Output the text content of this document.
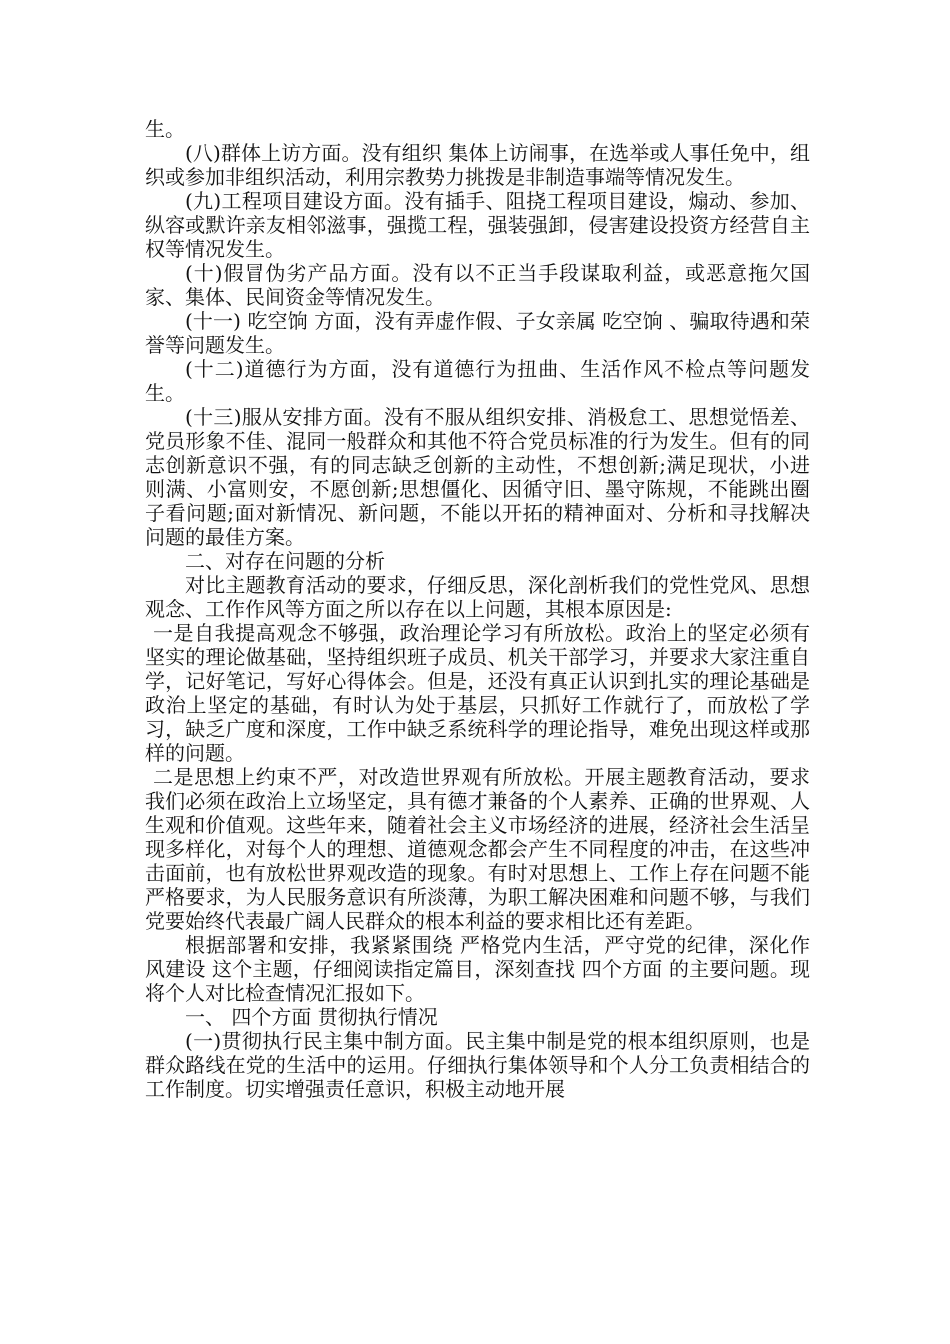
生。

(八)群体上访方面。没有组织 集体上访闹事，在选举或人事任免中，组织或参加非组织活动，利用宗教势力挑拨是非制造事端等情况发生。

(九)工程项目建设方面。没有插手、阻挠工程项目建设，煽动、参加、纵容或默许亲友相邻滋事，强揽工程，强装强卸，侵害建设投资方经营自主权等情况发生。

(十)假冒伪劣产品方面。没有以不正当手段谋取利益，或恶意拖欠国家、集体、民间资金等情况发生。

(十一) 吃空饷 方面，没有弄虚作假、子女亲属 吃空饷 、骗取待遇和荣誉等问题发生。

(十二)道德行为方面，没有道德行为扭曲、生活作风不检点等问题发生。

(十三)服从安排方面。没有不服从组织安排、消极怠工、思想觉悟差、党员形象不佳、混同一般群众和其他不符合党员标准的行为发生。但有的同志创新意识不强，有的同志缺乏创新的主动性，不想创新;满足现状，小进则满、小富则安，不愿创新;思想僵化、因循守旧、墨守陈规，不能跳出圈子看问题;面对新情况、新问题，不能以开拓的精神面对、分析和寻找解决问题的最佳方案。

二、对存在问题的分析

对比主题教育活动的要求，仔细反思，深化剖析我们的党性党风、思想观念、工作作风等方面之所以存在以上问题，其根本原因是:

一是自我提高观念不够强，政治理论学习有所放松。政治上的坚定必须有坚实的理论做基础，坚持组织班子成员、机关干部学习，并要求大家注重自学，记好笔记，写好心得体会。但是，还没有真正认识到扎实的理论基础是政治上坚定的基础，有时认为处于基层，只抓好工作就行了，而放松了学习，缺乏广度和深度，工作中缺乏系统科学的理论指导，难免出现这样或那样的问题。

二是思想上约束不严，对改造世界观有所放松。开展主题教育活动，要求我们必须在政治上立场坚定，具有德才兼备的个人素养、正确的世界观、人生观和价值观。这些年来，随着社会主义市场经济的进展，经济社会生活呈现多样化，对每个人的理想、道德观念都会产生不同程度的冲击，在这些冲击面前，也有放松世界观改造的现象。有时对思想上、工作上存在问题不能严格要求，为人民服务意识有所淡薄，为职工解决困难和问题不够，与我们党要始终代表最广阔人民群众的根本利益的要求相比还有差距。

根据部署和安排，我紧紧围绕 严格党内生活，严守党的纪律，深化作风建设 这个主题，仔细阅读指定篇目，深刻查找 四个方面 的主要问题。现将个人对比检查情况汇报如下。

一、 四个方面 贯彻执行情况

(一)贯彻执行民主集中制方面。民主集中制是党的根本组织原则，也是群众路线在党的生活中的运用。仔细执行集体领导和个人分工负责相结合的工作制度。切实增强责任意识，积极主动地开展
